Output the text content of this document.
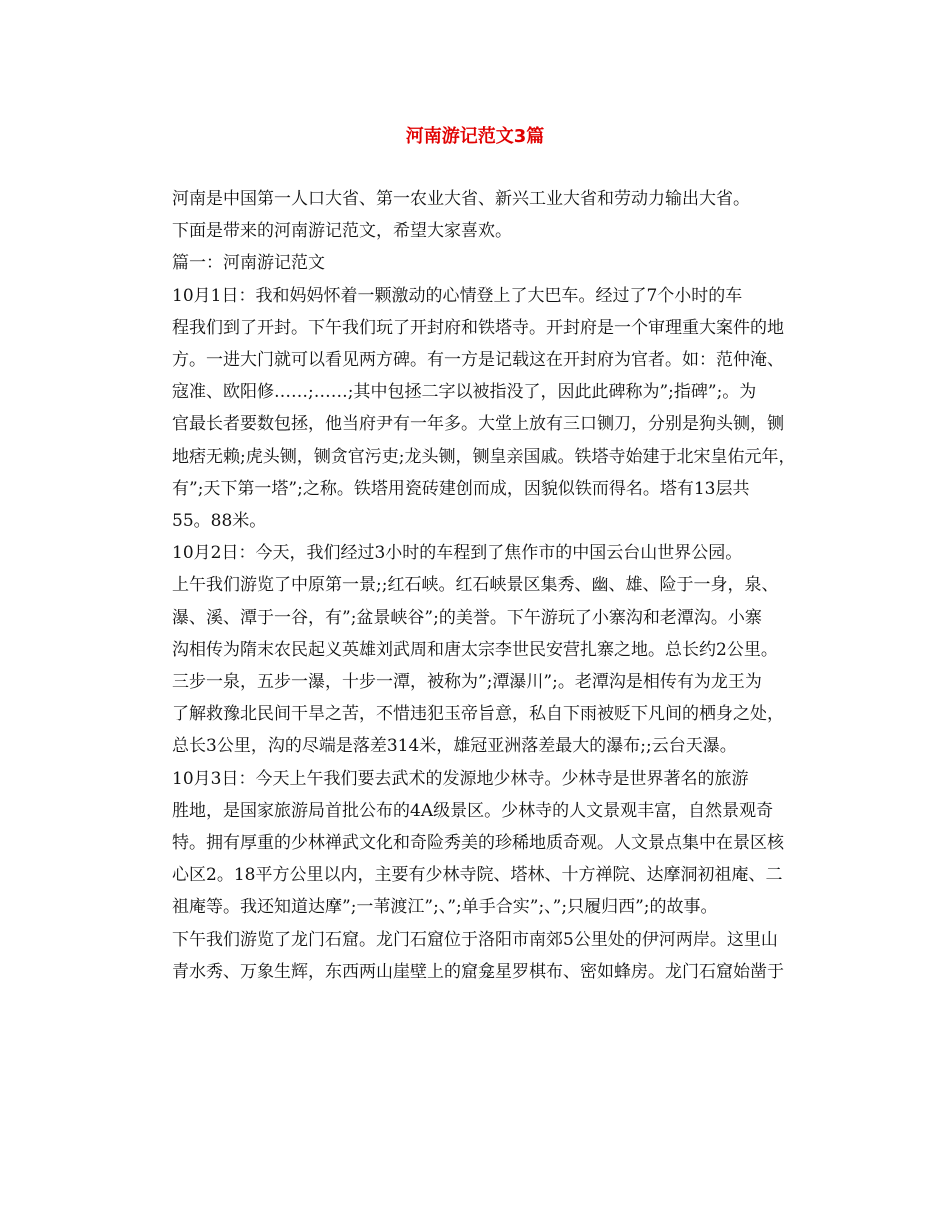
河南游记范文3篇

河南是中国第一人口大省、第一农业大省、新兴工业大省和劳动力输出大省。
下面是带来的河南游记范文，希望大家喜欢。

篇一：河南游记范文

10月1日：我和妈妈怀着一颗激动的心情登上了大巴车。经过了7个小时的车
程我们到了开封。下午我们玩了开封府和铁塔寺。开封府是一个审理重大案件的地
方。一进大门就可以看见两方碑。有一方是记载这在开封府为官者。如：范仲淹、
寇准、欧阳修……;……;其中包拯二字以被指没了，因此此碑称为”;指碑”;。为
官最长者要数包拯，他当府尹有一年多。大堂上放有三口铡刀，分别是狗头铡，铡
地痞无赖;虎头铡，铡贪官污吏;龙头铡，铡皇亲国戚。铁塔寺始建于北宋皇佑元年，
有”;天下第一塔”;之称。铁塔用瓷砖建创而成，因貌似铁而得名。塔有13层共
55。88米。

10月2日：今天，我们经过3小时的车程到了焦作市的中国云台山世界公园。
上午我们游览了中原第一景;;红石峡。红石峡景区集秀、幽、雄、险于一身，泉、
瀑、溪、潭于一谷，有”;盆景峡谷”;的美誉。下午游玩了小寨沟和老潭沟。小寨
沟相传为隋末农民起义英雄刘武周和唐太宗李世民安营扎寨之地。总长约2公里。
三步一泉，五步一瀑，十步一潭，被称为”;潭瀑川”;。老潭沟是相传有为龙王为
了解救豫北民间干旱之苦，不惜违犯玉帝旨意，私自下雨被贬下凡间的栖身之处，
总长3公里，沟的尽端是落差314米，雄冠亚洲落差最大的瀑布;;云台天瀑。

10月3日：今天上午我们要去武术的发源地少林寺。少林寺是世界著名的旅游
胜地，是国家旅游局首批公布的4A级景区。少林寺的人文景观丰富，自然景观奇
特。拥有厚重的少林禅武文化和奇险秀美的珍稀地质奇观。人文景点集中在景区核
心区2。18平方公里以内，主要有少林寺院、塔林、十方禅院、达摩洞初祖庵、二
祖庵等。我还知道达摩”;一苇渡江”;、”;单手合实”;、”;只履归西”;的故事。
下午我们游览了龙门石窟。龙门石窟位于洛阳市南郊5公里处的伊河两岸。这里山
青水秀、万象生辉，东西两山崖壁上的窟龛星罗棋布、密如蜂房。龙门石窟始凿于
